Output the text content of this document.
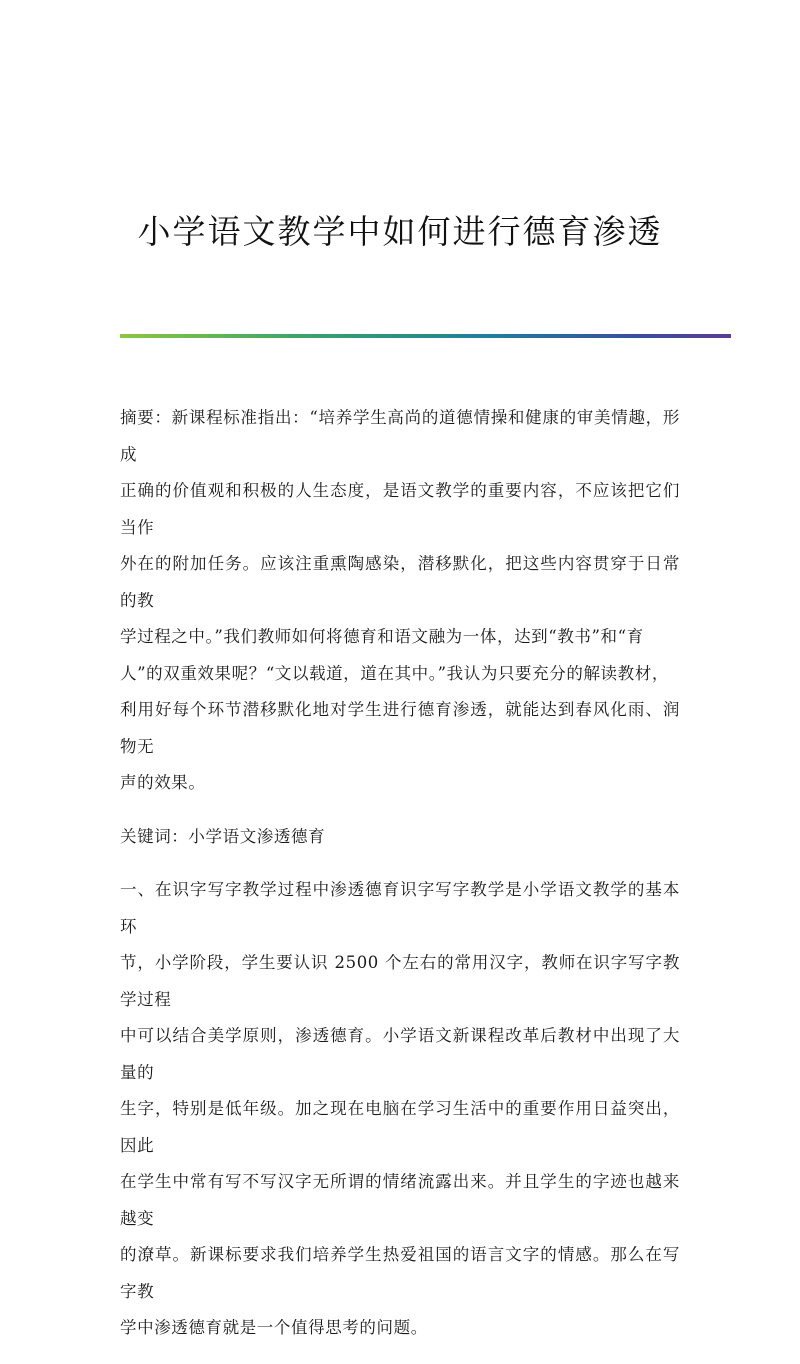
小学语文教学中如何进行德育渗透
摘要：新课程标准指出：“培养学生高尚的道德情操和健康的审美情趣，形成
正确的价值观和积极的人生态度，是语文教学的重要内容，不应该把它们当作
外在的附加任务。应该注重熏陶感染，潜移默化，把这些内容贯穿于日常的教
学过程之中。”我们教师如何将德育和语文融为一体，达到“教书”和“育
人”的双重效果呢？“文以载道，道在其中。”我认为只要充分的解读教材，
利用好每个环节潜移默化地对学生进行德育渗透，就能达到春风化雨、润物无
声的效果。
关键词：小学语文渗透德育
一、在识字写字教学过程中渗透德育识字写字教学是小学语文教学的基本环
节，小学阶段，学生要认识 2500 个左右的常用汉字，教师在识字写字教学过程
中可以结合美学原则，渗透德育。小学语文新课程改革后教材中出现了大量的
生字，特别是低年级。加之现在电脑在学习生活中的重要作用日益突出，因此
在学生中常有写不写汉字无所谓的情绪流露出来。并且学生的字迹也越来越变
的潦草。新课标要求我们培养学生热爱祖国的语言文字的情感。那么在写字教
学中渗透德育就是一个值得思考的问题。
